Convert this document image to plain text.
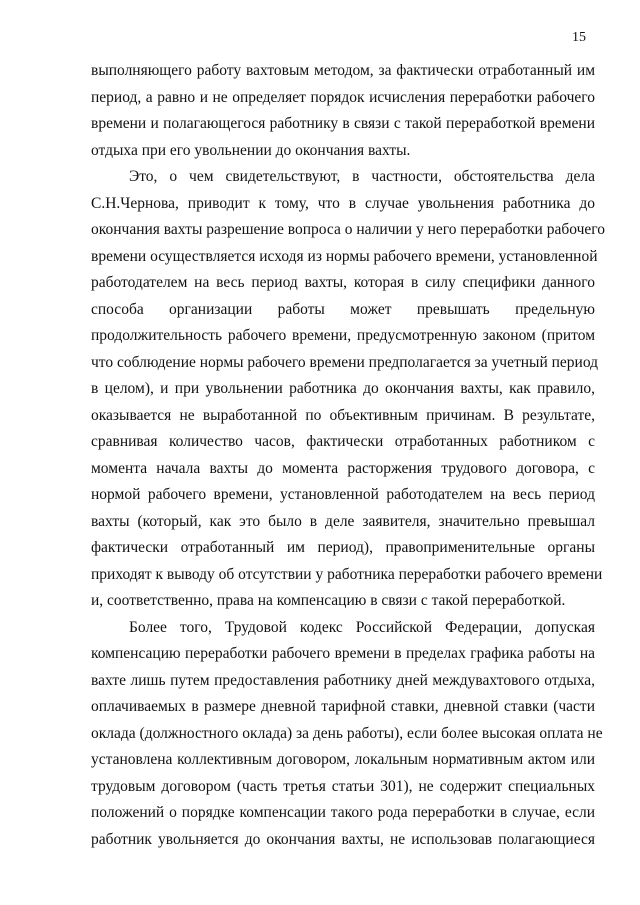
15
выполняющего работу вахтовым методом, за фактически отработанный им
период, а равно и не определяет порядок исчисления переработки рабочего
времени и полагающегося работнику в связи с такой переработкой времени
отдыха при его увольнении до окончания вахты.
Это, о чем свидетельствуют, в частности, обстоятельства дела
С.Н.Чернова, приводит к тому, что в случае увольнения работника до
окончания вахты разрешение вопроса о наличии у него переработки рабочего
времени осуществляется исходя из нормы рабочего времени, установленной
работодателем на весь период вахты, которая в силу специфики данного
способа организации работы может превышать предельную
продолжительность рабочего времени, предусмотренную законом (притом
что соблюдение нормы рабочего времени предполагается за учетный период
в целом), и при увольнении работника до окончания вахты, как правило,
оказывается не выработанной по объективным причинам. В результате,
сравнивая количество часов, фактически отработанных работником с
момента начала вахты до момента расторжения трудового договора, с
нормой рабочего времени, установленной работодателем на весь период
вахты (который, как это было в деле заявителя, значительно превышал
фактически отработанный им период), правоприменительные органы
приходят к выводу об отсутствии у работника переработки рабочего времени
и, соответственно, права на компенсацию в связи с такой переработкой.
Более того, Трудовой кодекс Российской Федерации, допуская
компенсацию переработки рабочего времени в пределах графика работы на
вахте лишь путем предоставления работнику дней междувахтового отдыха,
оплачиваемых в размере дневной тарифной ставки, дневной ставки (части
оклада (должностного оклада) за день работы), если более высокая оплата не
установлена коллективным договором, локальным нормативным актом или
трудовым договором (часть третья статьи 301), не содержит специальных
положений о порядке компенсации такого рода переработки в случае, если
работник увольняется до окончания вахты, не использовав полагающиеся
